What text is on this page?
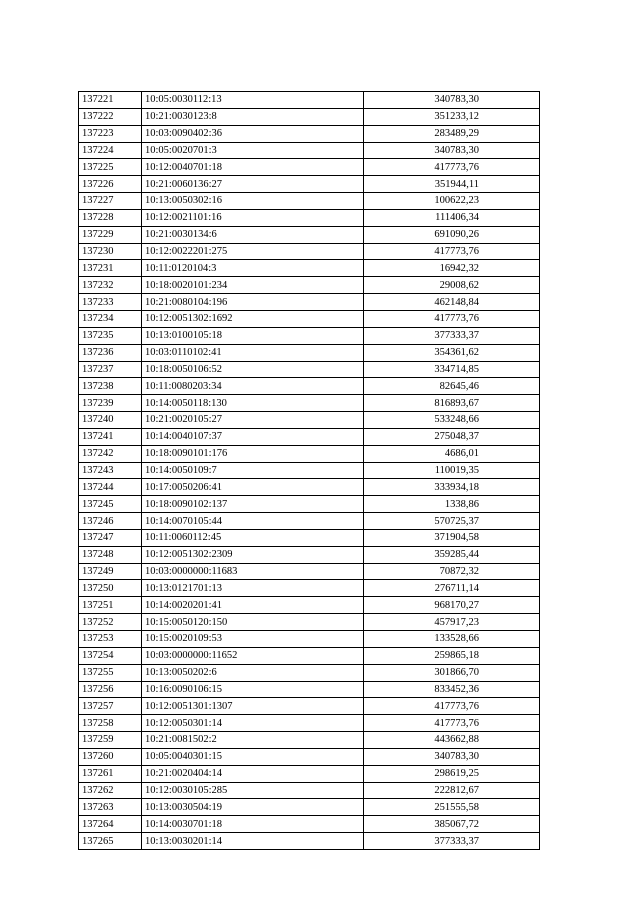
137221	10:05:0030112:13	340783,30
137222	10:21:0030123:8	351233,12
137223	10:03:0090402:36	283489,29
137224	10:05:0020701:3	340783,30
137225	10:12:0040701:18	417773,76
137226	10:21:0060136:27	351944,11
137227	10:13:0050302:16	100622,23
137228	10:12:0021101:16	111406,34
137229	10:21:0030134:6	691090,26
137230	10:12:0022201:275	417773,76
137231	10:11:0120104:3	16942,32
137232	10:18:0020101:234	29008,62
137233	10:21:0080104:196	462148,84
137234	10:12:0051302:1692	417773,76
137235	10:13:0100105:18	377333,37
137236	10:03:0110102:41	354361,62
137237	10:18:0050106:52	334714,85
137238	10:11:0080203:34	82645,46
137239	10:14:0050118:130	816893,67
137240	10:21:0020105:27	533248,66
137241	10:14:0040107:37	275048,37
137242	10:18:0090101:176	4686,01
137243	10:14:0050109:7	110019,35
137244	10:17:0050206:41	333934,18
137245	10:18:0090102:137	1338,86
137246	10:14:0070105:44	570725,37
137247	10:11:0060112:45	371904,58
137248	10:12:0051302:2309	359285,44
137249	10:03:0000000:11683	70872,32
137250	10:13:0121701:13	276711,14
137251	10:14:0020201:41	968170,27
137252	10:15:0050120:150	457917,23
137253	10:15:0020109:53	133528,66
137254	10:03:0000000:11652	259865,18
137255	10:13:0050202:6	301866,70
137256	10:16:0090106:15	833452,36
137257	10:12:0051301:1307	417773,76
137258	10:12:0050301:14	417773,76
137259	10:21:0081502:2	443662,88
137260	10:05:0040301:15	340783,30
137261	10:21:0020404:14	298619,25
137262	10:12:0030105:285	222812,67
137263	10:13:0030504:19	251555,58
137264	10:14:0030701:18	385067,72
137265	10:13:0030201:14	377333,37
